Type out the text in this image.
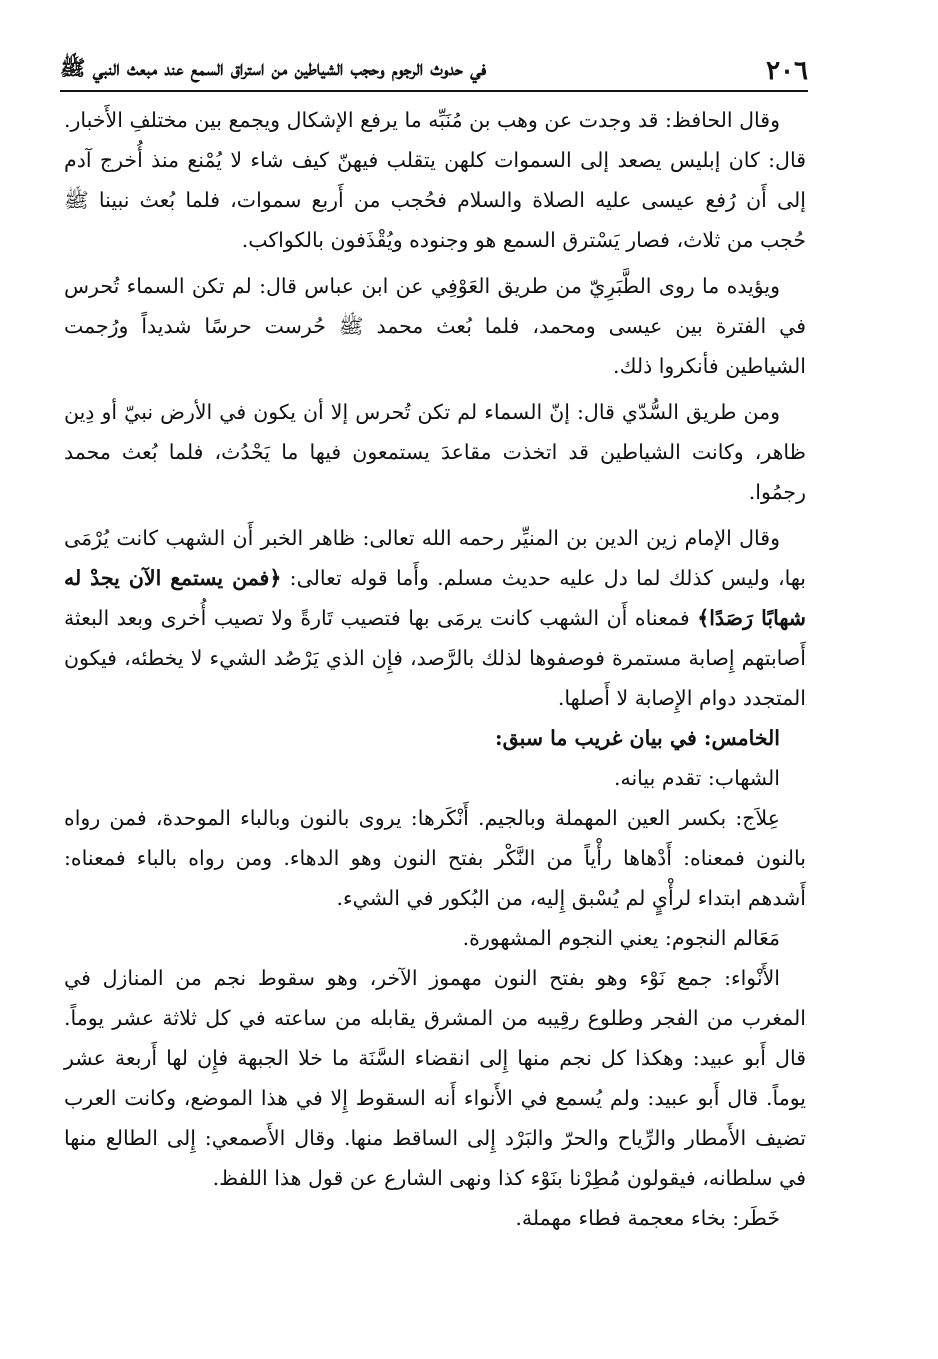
٢٠٦
في حدوث الرجوم وحجب الشياطين من استراق السمع عند مبعث النبي ﷺ

وقال الحافظ: قد وجدت عن وهب بن مُنَبِّه ما يرفع الإشكال ويجمع بين مختلفِ الأَخبار. قال: كان إبليس يصعد إلى السموات كلهن يتقلب فيهنّ كيف شاء لا يُمْنع منذ أُخرج آدم إلى أَن رُفع عيسى عليه الصلاة والسلام فحُجب من أَربع سموات، فلما بُعث نبينا ﷺ حُجب من ثلاث، فصار يَسْترق السمع هو وجنوده ويُقْذَفون بالكواكب.

ويؤيده ما روى الطَّبَرِيّ من طريق العَوْفِي عن ابن عباس قال: لم تكن السماء تُحرس في الفترة بين عيسى ومحمد، فلما بُعث محمد ﷺ حُرست حرسًا شديداً ورُجمت الشياطين فأنكروا ذلك.

ومن طريق السُّدّي قال: إنّ السماء لم تكن تُحرس إلا أن يكون في الأرض نبيّ أو دِين ظاهر، وكانت الشياطين قد اتخذت مقاعدَ يستمعون فيها ما يَحْدُث، فلما بُعث محمد رجمُوا.

وقال الإمام زين الدين بن المنيِّر رحمه الله تعالى: ظاهر الخبر أَن الشهب كانت يُرْمَى بها، وليس كذلك لما دل عليه حديث مسلم. وأَما قوله تعالى: ﴿فمن يستمع الآن يجدْ له شهابًا رَصَدًا﴾ فمعناه أَن الشهب كانت يرمَى بها فتصيب تَارةً ولا تصيب أُخرى وبعد البعثة أَصابتهم إِصابة مستمرة فوصفوها لذلك بالرَّصد، فإِن الذي يَرْصُد الشيء لا يخطئه، فيكون المتجدد دوام الإِصابة لا أَصلها.

الخامس: في بيان غريب ما سبق:

الشهاب: تقدم بيانه.

عِلاَج: بكسر العين المهملة وبالجيم. أَنْكَرها: يروى بالنون وبالباء الموحدة، فمن رواه بالنون فمعناه: أَدْهاها رأْياً من النَّكْر بفتح النون وهو الدهاء. ومن رواه بالباء فمعناه: أَشدهم ابتداء لرأْيٍ لم يُسْبق إِليه، من البُكور في الشيء.

مَعَالم النجوم: يعني النجوم المشهورة.

الأَنْواء: جمع نَوْء وهو بفتح النون مهموز الآخر، وهو سقوط نجم من المنازل في المغرب من الفجر وطلوع رقِيبه من المشرق يقابله من ساعته في كل ثلاثة عشر يوماً. قال أَبو عبيد: وهكذا كل نجم منها إِلى انقضاء السَّنَة ما خلا الجبهة فإِن لها أَربعة عشر يوماً. قال أَبو عبيد: ولم يُسمع في الأَنواء أَنه السقوط إِلا في هذا الموضع، وكانت العرب تضيف الأَمطار والرِّياح والحرّ والبَرْد إِلى الساقط منها. وقال الأَصمعي: إِلى الطالع منها في سلطانه، فيقولون مُطِرْنا بنَوْء كذا ونهى الشارع عن قول هذا اللفظ.

خَطَر: بخاء معجمة فطاء مهملة.
